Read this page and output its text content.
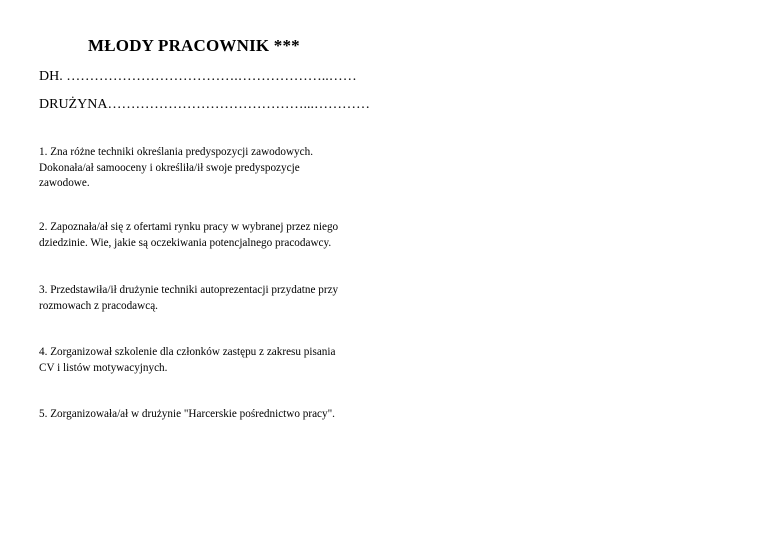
MŁODY PRACOWNIK ***
DH. ……………………………….………………..……
DRUŻYNA……………………………………...…………
1. Zna różne techniki określania predyspozycji zawodowych. Dokonała/ał samooceny i określiła/ił swoje predyspozycje zawodowe.
2. Zapoznała/ał się z ofertami rynku pracy w wybranej przez niego dziedzinie. Wie, jakie są oczekiwania potencjalnego pracodawcy.
3. Przedstawiła/ił drużynie techniki autoprezentacji przydatne przy rozmowach z pracodawcą.
4. Zorganizował szkolenie dla członków zastępu z zakresu pisania CV i listów motywacyjnych.
5. Zorganizowała/ał w drużynie "Harcerskie pośrednictwo pracy".
